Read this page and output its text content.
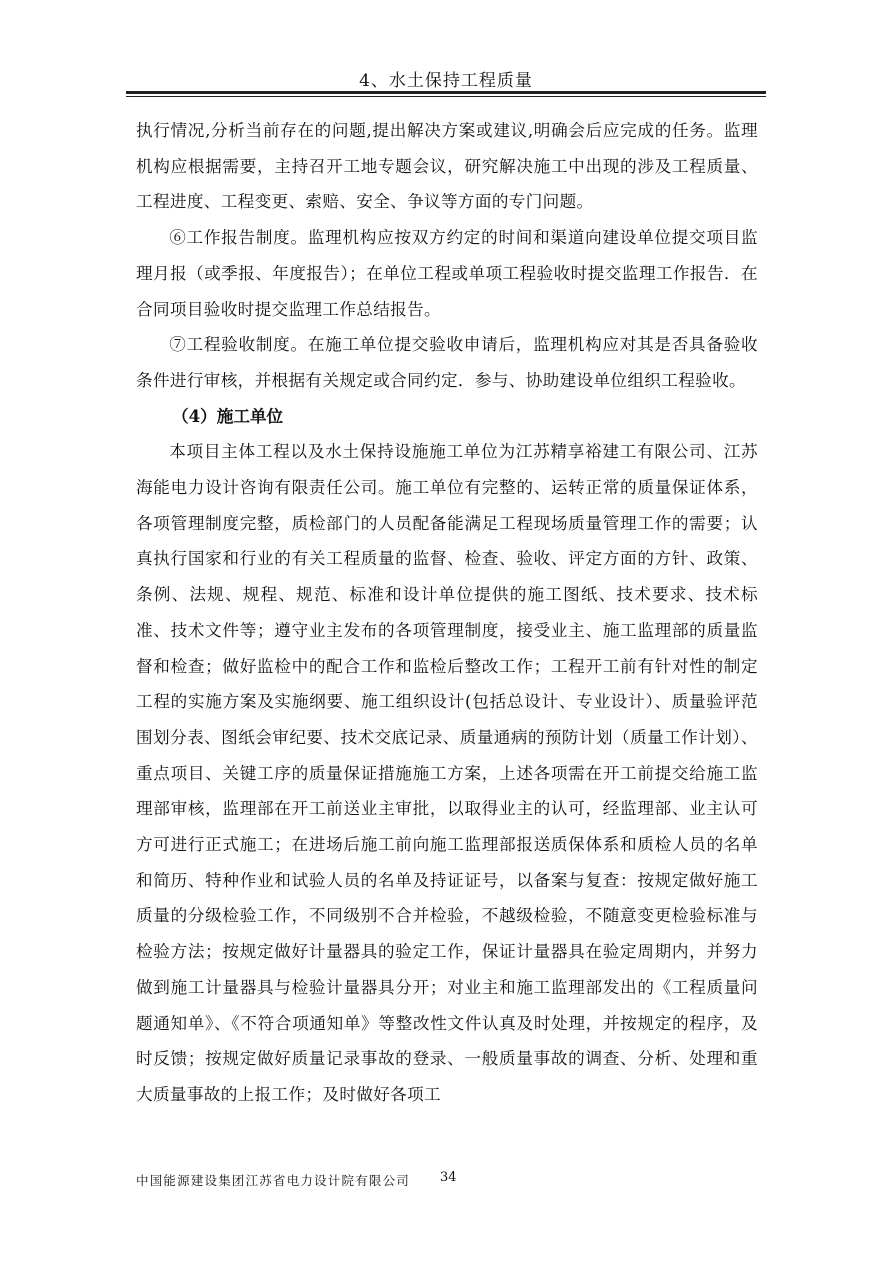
4、水土保持工程质量

执行情况,分析当前存在的问题,提出解决方案或建议,明确会后应完成的任务。监理机构应根据需要，主持召开工地专题会议，研究解决施工中出现的涉及工程质量、工程进度、工程变更、索赔、安全、争议等方面的专门问题。

⑥工作报告制度。监理机构应按双方约定的时间和渠道向建设单位提交项目监理月报（或季报、年度报告）；在单位工程或单项工程验收时提交监理工作报告．在合同项目验收时提交监理工作总结报告。

⑦工程验收制度。在施工单位提交验收申请后，监理机构应对其是否具备验收条件进行审核，并根据有关规定或合同约定．参与、协助建设单位组织工程验收。

（4）施工单位

本项目主体工程以及水土保持设施施工单位为江苏精享裕建工有限公司、江苏海能电力设计咨询有限责任公司。施工单位有完整的、运转正常的质量保证体系，各项管理制度完整，质检部门的人员配备能满足工程现场质量管理工作的需要；认真执行国家和行业的有关工程质量的监督、检查、验收、评定方面的方针、政策、条例、法规、规程、规范、标准和设计单位提供的施工图纸、技术要求、技术标准、技术文件等；遵守业主发布的各项管理制度，接受业主、施工监理部的质量监督和检查；做好监检中的配合工作和监检后整改工作；工程开工前有针对性的制定工程的实施方案及实施纲要、施工组织设计(包括总设计、专业设计）、质量验评范围划分表、图纸会审纪要、技术交底记录、质量通病的预防计划（质量工作计划）、重点项目、关键工序的质量保证措施施工方案，上述各项需在开工前提交给施工监理部审核，监理部在开工前送业主审批，以取得业主的认可，经监理部、业主认可方可进行正式施工；在进场后施工前向施工监理部报送质保体系和质检人员的名单和简历、特种作业和试验人员的名单及持证证号，以备案与复查：按规定做好施工质量的分级检验工作，不同级别不合并检验，不越级检验，不随意变更检验标准与检验方法；按规定做好计量器具的验定工作，保证计量器具在验定周期内，并努力做到施工计量器具与检验计量器具分开；对业主和施工监理部发出的《工程质量问题通知单》、《不符合项通知单》等整改性文件认真及时处理，并按规定的程序，及时反馈；按规定做好质量记录事故的登录、一般质量事故的调查、分析、处理和重大质量事故的上报工作；及时做好各项工

中国能源建设集团江苏省电力设计院有限公司 34
